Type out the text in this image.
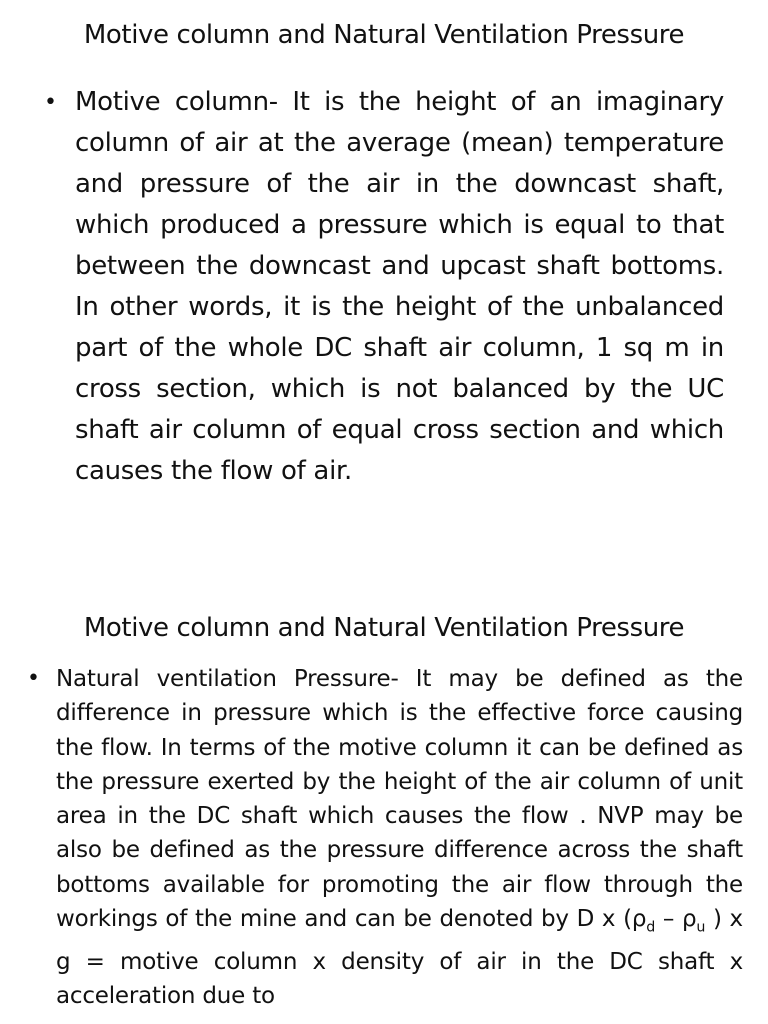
Motive column and Natural Ventilation Pressure
• Motive column- It is the height of an imaginary column of air at the average (mean) temperature and pressure of the air in the downcast shaft, which produced a pressure which is equal to that between the downcast and upcast shaft bottoms. In other words, it is the height of the unbalanced part of the whole DC shaft air column, 1 sq m in cross section, which is not balanced by the UC shaft air column of equal cross section and which causes the flow of air.
Motive column and Natural Ventilation Pressure
• Natural ventilation Pressure- It may be defined as the difference in pressure which is the effective force causing the flow. In terms of the motive column it can be defined as the pressure exerted by the height of the air column of unit area in the DC shaft which causes the flow . NVP may be also be defined as the pressure difference across the shaft bottoms available for promoting the air flow through the workings of the mine and can be denoted by D x ($\rho_d - \rho_u$ ) x g = motive column x density of air in the DC shaft x acceleration due to
